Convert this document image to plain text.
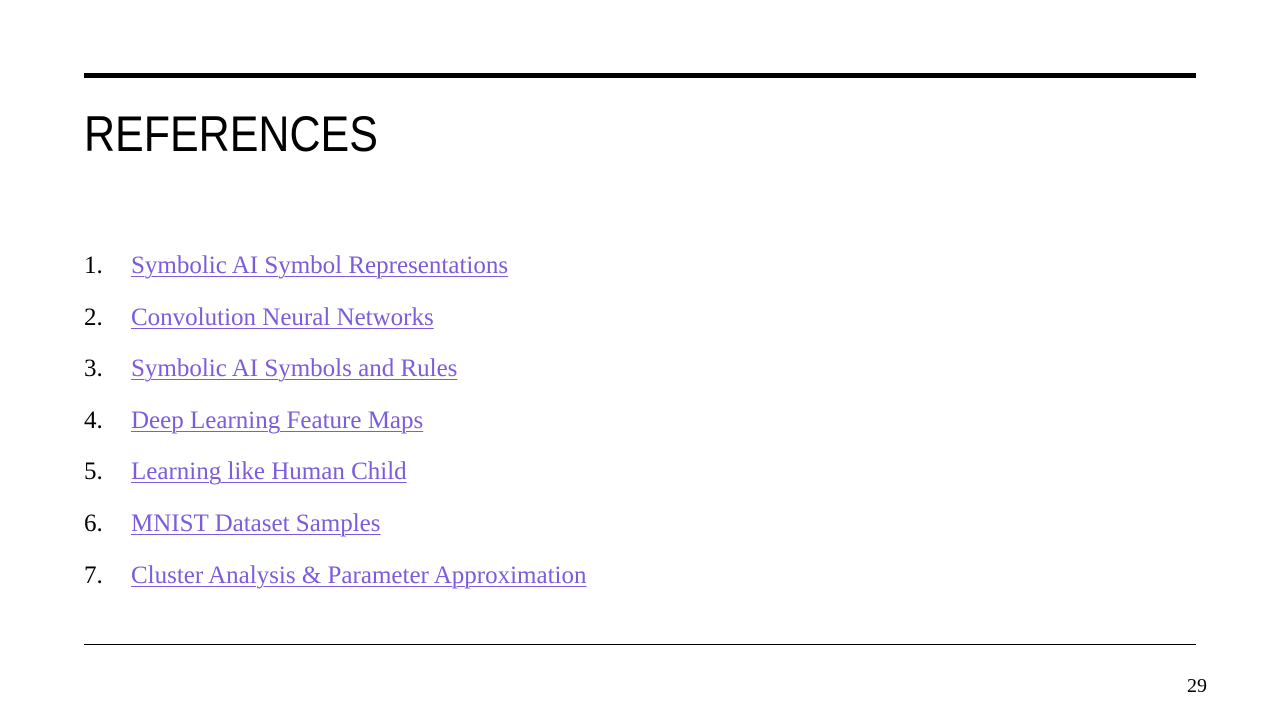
REFERENCES
1.	Symbolic AI Symbol Representations
2.	Convolution Neural Networks
3.	Symbolic AI Symbols and Rules
4.	Deep Learning Feature Maps
5.	Learning like Human Child
6.	MNIST Dataset Samples
7.	Cluster Analysis & Parameter Approximation
29
